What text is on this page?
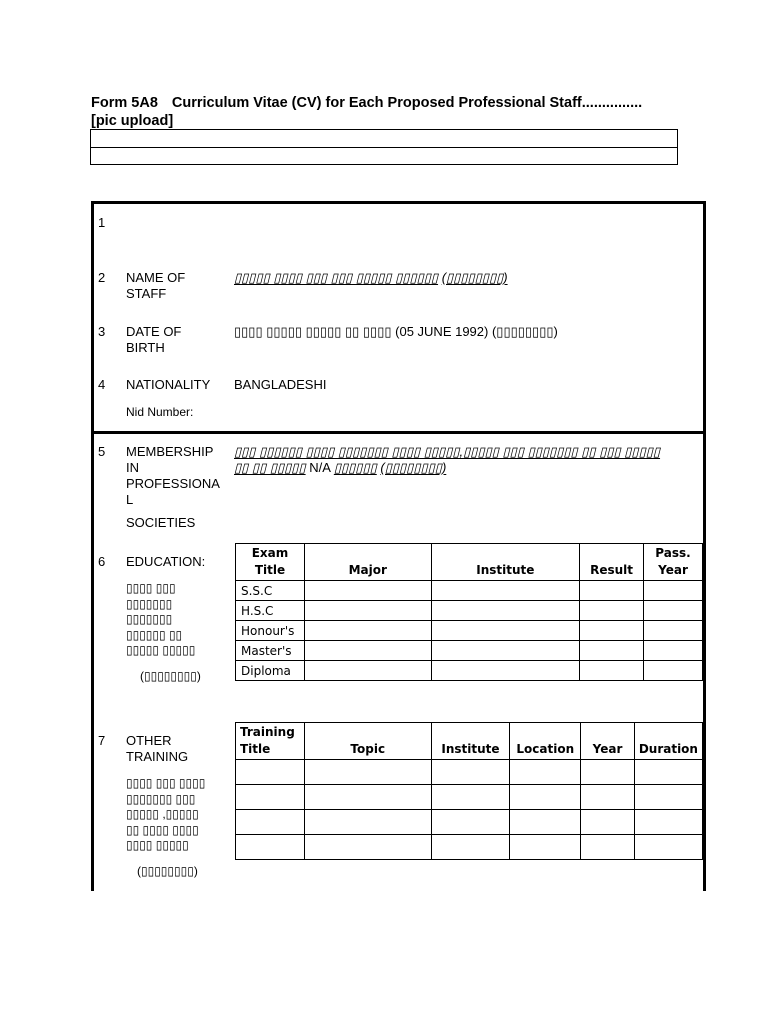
Form 5A8 Curriculum Vitae (CV) for Each Proposed Professional Staff...............
[pic upload]
1
2 NAME OF
STAFF
▯▯▯▯▯ ▯▯▯▯ ▯▯▯ ▯▯▯ ▯▯▯▯▯ ▯▯▯▯▯▯ (▯▯▯▯▯▯▯▯)
3 DATE OF
BIRTH
▯▯▯▯ ▯▯▯▯▯ ▯▯▯▯▯ ▯▯ ▯▯▯▯ (05 JUNE 1992) (▯▯▯▯▯▯▯▯)
4 NATIONALITY BANGLADESHI
Nid Number:
5 MEMBERSHIP
IN
PROFESSIONA
L
SOCIETIES
▯▯▯ ▯▯▯▯▯▯ ▯▯▯▯ ▯▯▯▯▯▯▯ ▯▯▯▯ ▯▯▯▯▯,▯▯▯▯▯ ▯▯▯ ▯▯▯▯▯▯▯ ▯▯ ▯▯▯ ▯▯▯▯▯
▯▯ ▯▯ ▯▯▯▯▯ N/A ▯▯▯▯▯▯ (▯▯▯▯▯▯▯▯)
6 EDUCATION:
▯▯▯▯ ▯▯▯
▯▯▯▯▯▯▯
▯▯▯▯▯▯▯
▯▯▯▯▯▯ ▯▯
▯▯▯▯▯ ▯▯▯▯▯
(▯▯▯▯▯▯▯▯)
Exam Title	Major	Institute	Result	Pass. Year
S.S.C				
H.S.C				
Honour's				
Master's				
Diploma				
7 OTHER
TRAINING
▯▯▯▯ ▯▯▯ ▯▯▯▯
▯▯▯▯▯▯▯ ▯▯▯
▯▯▯▯▯ ,▯▯▯▯▯
▯▯ ▯▯▯▯ ▯▯▯▯
▯▯▯▯ ▯▯▯▯▯
(▯▯▯▯▯▯▯▯)
Training Title	Topic	Institute	Location	Year	Duration
